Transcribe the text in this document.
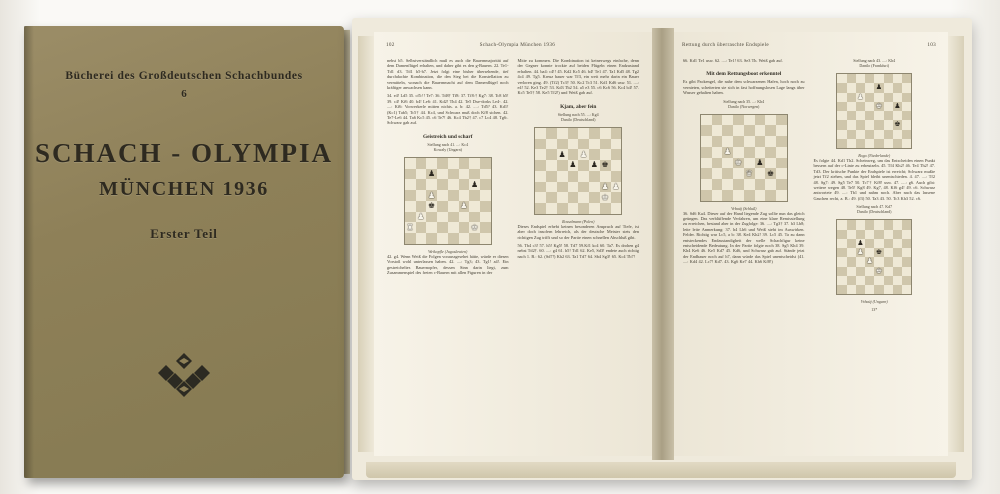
Bücherei des Großdeutschen Schachbundes
6
SCHACH - OLYMPIA
MÜNCHEN 1936
Erster Teil
102	Schach-Olympia München 1936
nebst b5. Selbstverständlich muß es auch die Bauernmajorität auf dem Damenflügel erhalten, und daher gibt es den g-Bauern. 22. Te1-Td1 d3. Td1 h5-h7. Jetzt folgt eine bisher übersehende, tief durchdachte Kombination, die den Sieg bei die Konstellation zu vermitteln, wonach die Bauernmacht auf dem Damenflügel noch kräftiger anwachsen kann.
34. e4! Ld5 35. cf5:!! Te7: 36. Td8† Tf8: 37. Tf8:† Kg7: 38. Tc8 h5! 39. c4! Kf6 40. b4! Le6: 41. Kd2! Th4 42. Te5 Dxe-dorks Le4-. 42. ....: Kf6: Vorwerkerle mitten nichts. a. b: 42. ....: Td5? 43. Kd1! (Kc1) Tab5; Tc5† 44. Kc4, und Schwarz muß doch Kf8 sichen. 42. Te7-Le6 44. Ta6 Kc5 45. c6 Te7! 46. Kc4 Tb2† 47. c7 Lc4 48. Tg6:. Schwarz gab auf.
Geistreich und scharf
Stellung nach 41. ...: Kc4
Kowaly (Ungarn)
♟
♟
♟
♚	♟
♟
♜	♚
Weikopfle (Jugoslawien)
42. g4. Wenn Weiß die Folgen voraussgesehet hätte, würde er diesen Vorstoß wohl unterlassen haben. 42. ....: Tg3; 43. Tg1! a4!. Ein gestreicheltes Bauernopfer, dessen Sinn darin liegt, zum Zusammenspiel des freien c-Bauern mit allen Figuren in der
Mitte zu kommen. Die Kombination ist keineswegs einfache, denn der Gegner konnte trockte auf beiden Flügeln einen Endzustand erhalten. 44. ba4: c4!! 45. Kd2 Kc5 46. b4! Te1 47. Ta1 Kd5 48. Tg2 4c4 49. Tg5. Kreuz bauer war Tf3, ein weit mehr darin ein Bauer verloren ging. 49. (Tf2) Tc3† 50. Kc2 Tc3 51. Kd1 Kd6 usw. 51. ....: e4! 52. Ke3 Te2† 53. Kd3 Tb2 54. a5 e3 55. c6 Kc6 56. Kc4 b4! 57. Kc5 Te5† 58. Ke5 Tf2!) und Weiß gab auf.
Kjam, aber fein
Stellung nach 55. ...: Kg4
Danilo (Deutschland)
♟ ♟
♟ ♟ ♚
♟ ♟
♚
Rosselmann (Polen)
Dieses Endspiel erhebt keinen besonderen Anspruch auf Tiefe, ist aber doch insofern lehrreich, als der deutsche Meister stets den richtigen Zug trifft und so der Partie einen schnellen Abschluß gibt.
56. Tb4 c3! 57. h5! Kg5! 58. Td7 59.Kf1 kc4 60. Ta7. Es drohen g4 nebst Td2†. 60. ....: g4 61. h5! Td1 62. Ke5, Sd3! endete auch richtig nach 1. B.: 62. (Sd7!) Kh2 63. Ta1 Td7 64. Sb4 Sg3! 65. Kc4 Tb7!
Rettung durch überraschte Endspiele	103
66. Kd1 Te1 usw. 62. ....: Te1! 63. Se3 Th. Weiß gab auf.
Mit dem Rettungsboot erkenntel
Es gibt Packengel, die nahe dem schwarzenen Hafen, hoch noch zu vernieten, scheiterten sie sich in fast hoffnungslosen Lage langs über Wasser gehalten haben.
Stellung nach 35. ...: Kh4
Danilo (Norwegen)
♟
♚ ♟
♛ ♚
Vrbaúj (Schluß)
36. Sd6 Ka4. Dieser auf der Hand liegende Zug sollte nun das gleich geüngen. Das verblüffende Verfahren, um eine klare Remisstellung zu erreichen, bestand aber in der Zugfolge: 36. ....: Tg3† 37. h3 Lb8; leite leite Anmerkung: 37. h4 Lh6 und Weiß steht im Auswirken. Felder. Richtig war Lc5, a b: 38. Ke4 Kh2! 39. Lc5 45. Ta zu dann entsteckendes Endzustandigheit der welle Schachfigur keine entscheidende Bedeutung. In der Partie folgte noch 38. Sg5 Kh4 39. Kh4 Ke6 46. Ke5 Kd7 45. Kd6, und Schwarz gab auf. Stände jetzt der Endbauer noch auf h7, dann würde das Spiel unentscheidst (41. ....: Kd4 42. Lc7! Kd7. 43. Kg6 Ke7 44. Kh6 Kf8!)
Stellung nach 43. ....: Kh4
Danilo (Frankfurt)
♟
♟
♚ ♟
♚
Bogo (Niederlande)
Es folgte 44. Kd1 Th2. Scheinweg, um das Entscheiden einen Punkt bessern auf der c-Linie zu erbeutzeln. 45. Tf4 Kh2! 46. Te4 Th2! 47. Td3. Der kritische Punkte der Endspiele ist erreicht; Schwarz mußte jetzt Tf2 ziehen, und das Spiel bleibt unentschieden. 4. 47. ....: Tf2 48. Sg7: 49. Sg5 Te7 50. Tc7† Kf8! usw. 47. ....: g6. Auch gibt: weitere wegen 48. Te5! Kg8 49. Kg7, 48. Kf6 g4! 49. c6. Schwarz antwortete 49. ....: Tb1 und nahm noch. Aber nach das lassene Gaschen recht, a. B.: 49. (f3) 50. Ta3 43. 50. Tc3 Kh3 52. c6.
Stellung nach 47. Kd7
Danilo (Deutschland)
♟
♟ ♚
♟
♚
Vrbaúj (Ungarn)
13*
